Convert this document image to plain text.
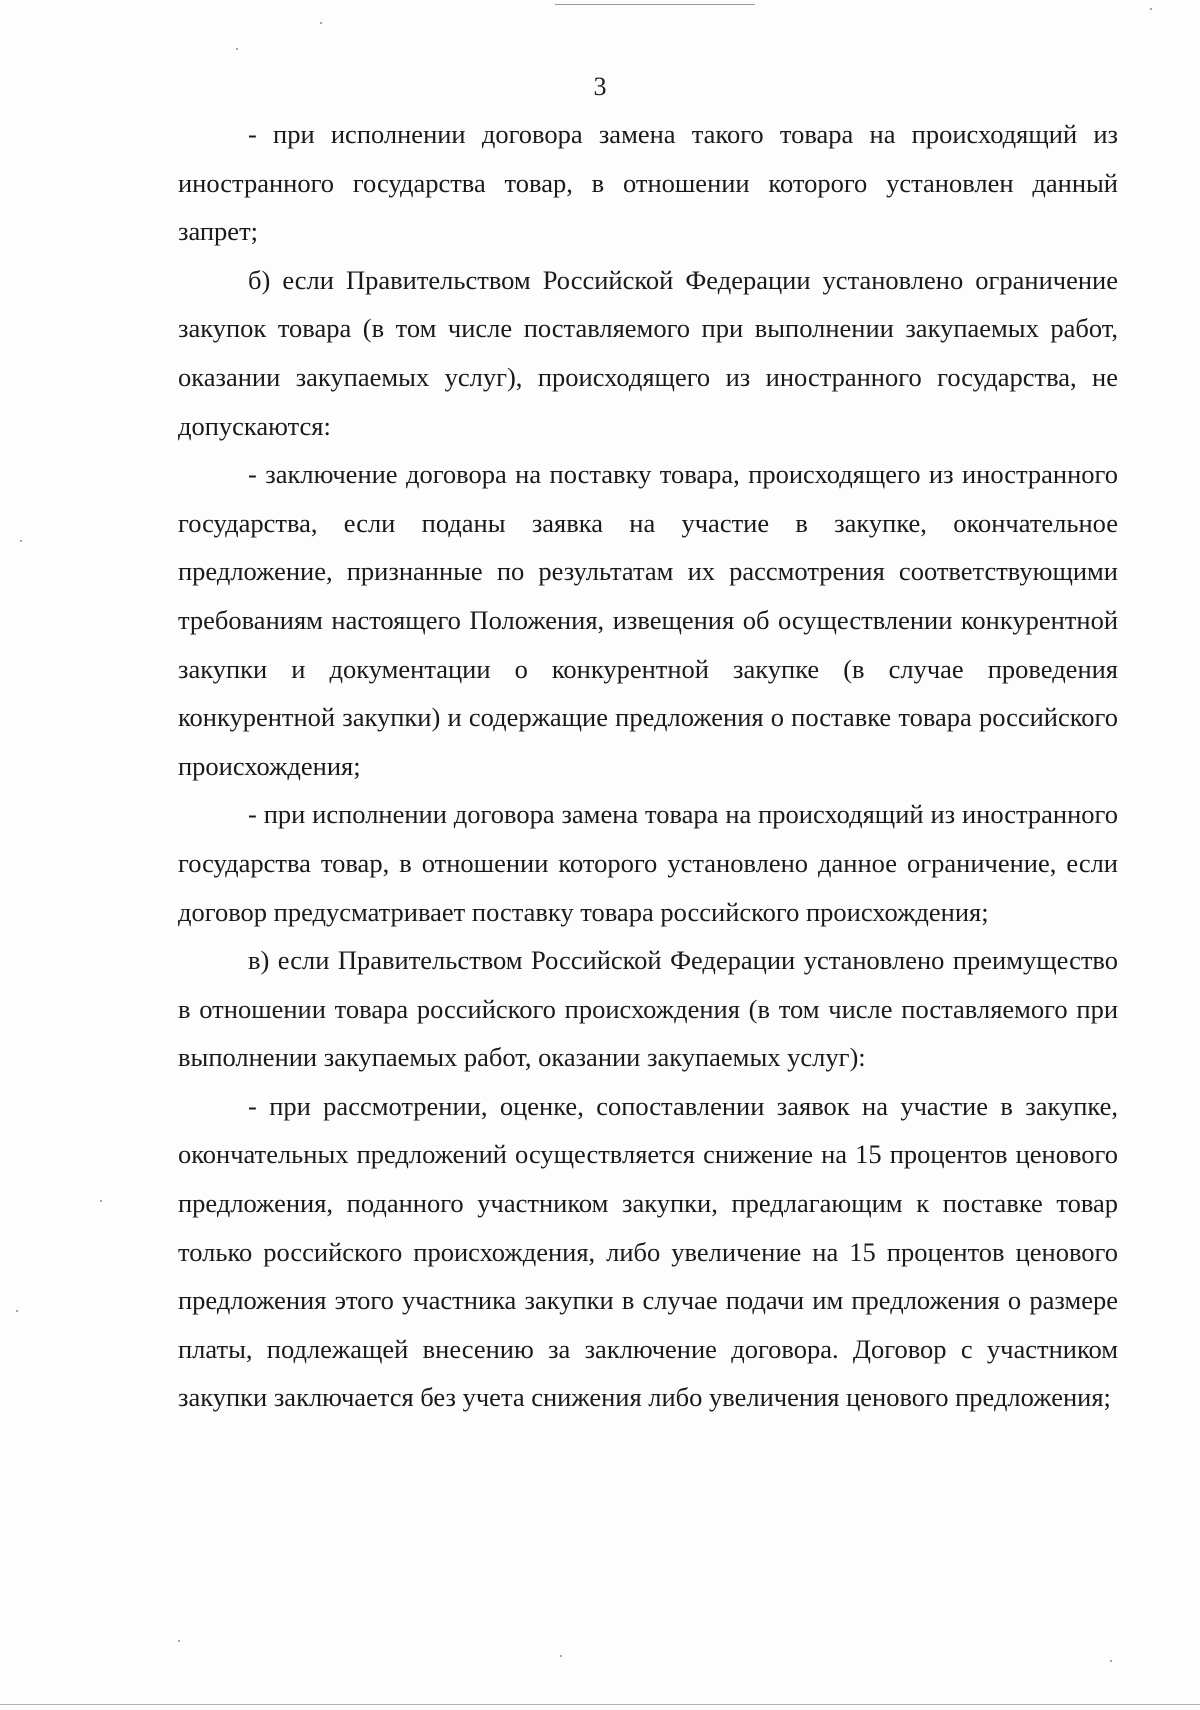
3

- при исполнении договора замена такого товара на происходящий из иностранного государства товар, в отношении которого установлен данный запрет;

б) если Правительством Российской Федерации установлено ограничение закупок товара (в том числе поставляемого при выполнении закупаемых работ, оказании закупаемых услуг), происходящего из иностранного государства, не допускаются:

- заключение договора на поставку товара, происходящего из иностранного государства, если поданы заявка на участие в закупке, окончательное предложение, признанные по результатам их рассмотрения соответствующими требованиям настоящего Положения, извещения об осуществлении конкурентной закупки и документации о конкурентной закупке (в случае проведения конкурентной закупки) и содержащие предложения о поставке товара российского происхождения;

- при исполнении договора замена товара на происходящий из иностранного государства товар, в отношении которого установлено данное ограничение, если договор предусматривает поставку товара российского происхождения;

в) если Правительством Российской Федерации установлено преимущество в отношении товара российского происхождения (в том числе поставляемого при выполнении закупаемых работ, оказании закупаемых услуг):

- при рассмотрении, оценке, сопоставлении заявок на участие в закупке, окончательных предложений осуществляется снижение на 15 процентов ценового предложения, поданного участником закупки, предлагающим к поставке товар только российского происхождения, либо увеличение на 15 процентов ценового предложения этого участника закупки в случае подачи им предложения о размере платы, подлежащей внесению за заключение договора. Договор с участником закупки заключается без учета снижения либо увеличения ценового предложения;
